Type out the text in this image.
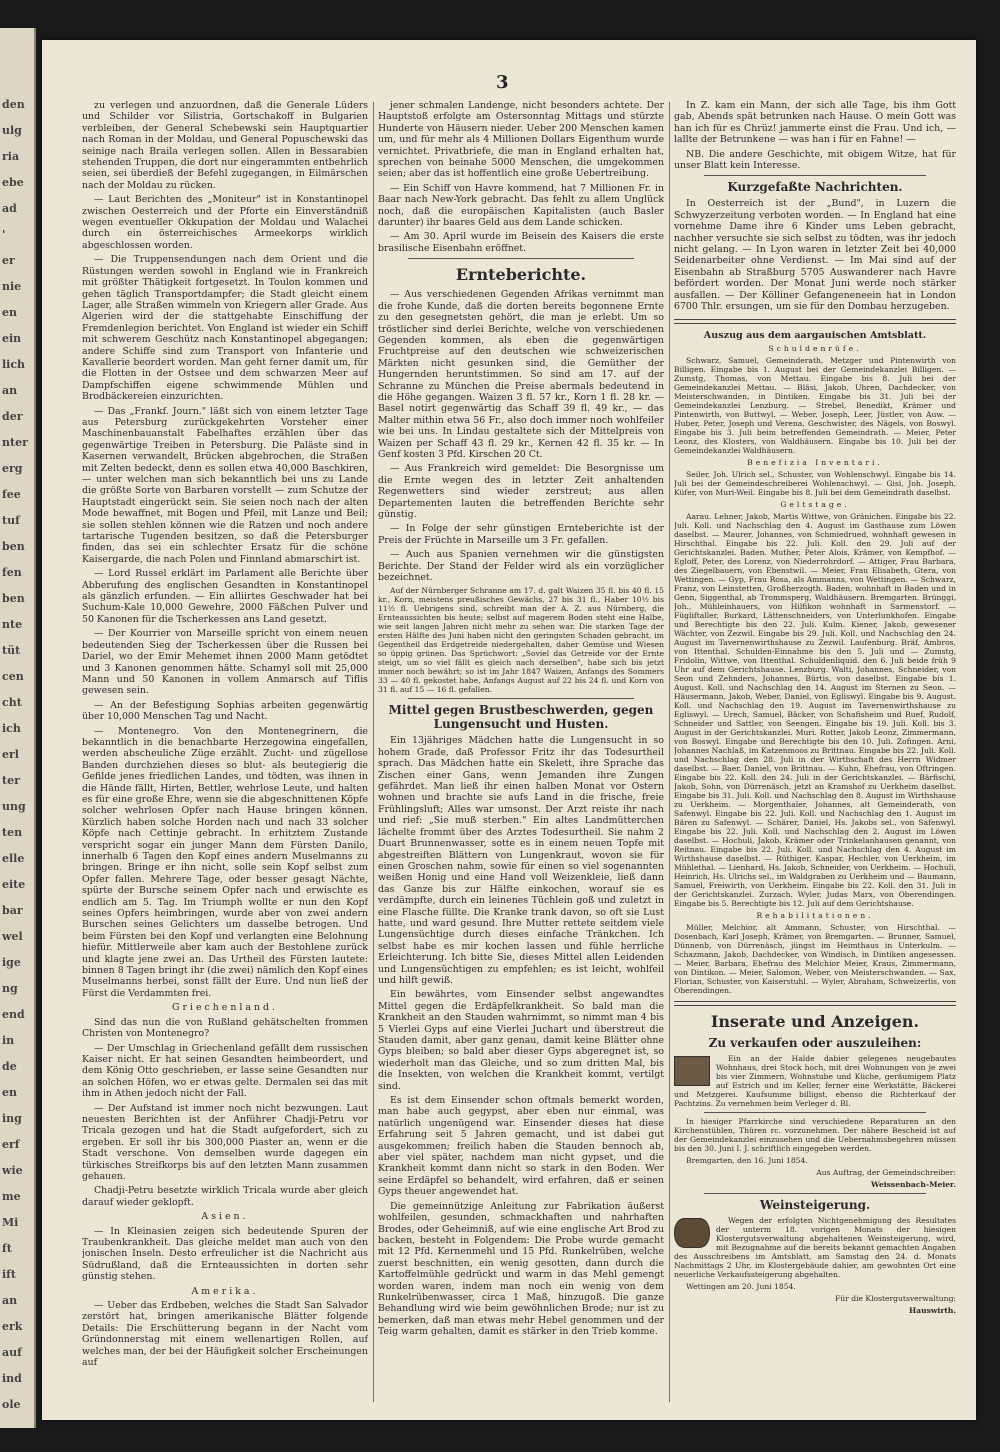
den
ulg
ria
ebe
ad
'
er
nie
en
ein
lich
an
der
nter
erg
fee
tuf
ben
fen
ben
nte
tüt
cen
cht
ich
erl
ter
ung
ten
elle
eite
bar
wel
ige
ng
end
in
de
en
ing
erf
wie
me
Mi
ft
ift
an
erk
auf
ind
ole
3

zu verlegen und anzuordnen, daß die Generale Lüders und Schilder vor Silistria, Gortschakoff in Bulgarien verbleiben, der General Schebewski sein Hauptquartier nach Roman in der Moldau, und General Popuschewski das seinige nach Braila verlegen sollen. Allen in Bessarabien stehenden Truppen, die dort nur eingerammten entbehrlich seien, sei überdieß der Befehl zugegangen, in Eilmärschen nach der Moldau zu rücken.

— Laut Berichten des „Moniteur" ist in Konstantinopel zwischen Oesterreich und der Pforte ein Einverständniß wegen eventueller Okkupation der Moldau und Walachei durch ein österreichisches Armeekorps wirklich abgeschlossen worden.

— Die Truppensendungen nach dem Orient und die Rüstungen werden sowohl in England wie in Frankreich mit größter Thätigkeit fortgesetzt. In Toulon kommen und gehen täglich Transportdampfer; die Stadt gleicht einem Lager, alle Straßen wimmeln von Kriegern aller Grade. Aus Algerien wird der die stattgehabte Einschiffung der Fremdenlegion berichtet. Von England ist wieder ein Schiff mit schwerem Geschütz nach Konstantinopel abgegangen; andere Schiffe sind zum Transport von Infanterie und Kavallerie beordert worden. Man geht ferner damit um, für die Flotten in der Ostsee und dem schwarzen Meer auf Dampfschiffen eigene schwimmende Mühlen und Brodbäckereien einzurichten.

— Das „Frankf. Journ." läßt sich von einem letzter Tage aus Petersburg zurückgekehrten Vorsteher einer Maschinenbauanstalt Fabelhaftes erzählen über das gegenwärtige Treiben in Petersburg. Die Paläste sind in Kasernen verwandelt, Brücken abgebrochen, die Straßen mit Zelten bedeckt, denn es sollen etwa 40,000 Baschkiren, — unter welchen man sich bekanntlich bei uns zu Lande die größte Sorte von Barbaren vorstellt — zum Schutze der Hauptstadt eingerückt sein. Sie seien noch nach der alten Mode bewaffnet, mit Bogen und Pfeil, mit Lanze und Beil; sie sollen stehlen können wie die Ratzen und noch andere tartarische Tugenden besitzen, so daß die Petersburger finden, das sei ein schlechter Ersatz für die schöne Kaisergarde, die nach Polen und Finnland abmarschirt ist.

— Lord Russel erklärt im Parlament alle Berichte über Abberufung des englischen Gesandten in Konstantinopel als gänzlich erfunden. — Ein alliirtes Geschwader hat bei Suchum-Kale 10,000 Gewehre, 2000 Fäßchen Pulver und 50 Kanonen für die Tscherkessen ans Land gesetzt.

— Der Kourrier von Marseille spricht von einem neuen bedeutenden Sieg der Tscherkessen über die Russen bei Dariel, wo der Emir Mehemet ihnen 2000 Mann getödtet und 3 Kanonen genommen hätte. Schamyl soll mit 25,000 Mann und 50 Kanonen in vollem Anmarsch auf Tiflis gewesen sein.

— An der Befestigung Sophias arbeiten gegenwärtig über 10,000 Menschen Tag und Nacht.

— Montenegro. Von den Montenegrinern, die bekanntlich in die benachbarte Herzegowina eingefallen, werden abscheuliche Züge erzählt. Zucht- und zügellose Banden durchziehen dieses so blut- als beutegierig die Gefilde jenes friedlichen Landes, und tödten, was ihnen in die Hände fällt, Hirten, Bettler, wehrlose Leute, und halten es für eine große Ehre, wenn sie die abgeschnittenen Köpfe solcher wehrlosen Opfer nach Hause bringen können. Kürzlich haben solche Horden nach und nach 33 solcher Köpfe nach Cettinje gebracht. In erhitztem Zustande verspricht sogar ein junger Mann dem Fürsten Danilo, innerhalb 6 Tagen den Kopf eines andern Muselmanns zu bringen. Bringe er ihn nicht, solle sein Kopf selbst zum Opfer fallen. Mehrere Tage, oder besser gesagt Nächte, spürte der Bursche seinem Opfer nach und erwischte es endlich am 5. Tag. Im Triumph wollte er nun den Kopf seines Opfers heimbringen, wurde aber von zwei andern Burschen seines Gelichters um dasselbe betrogen. Und beim Fürsten bei den Kopf und verlangten eine Belohnung hiefür. Mittlerweile aber kam auch der Bestohlene zurück und klagte jene zwei an. Das Urtheil des Fürsten lautete: binnen 8 Tagen bringt ihr (die zwei) nämlich den Kopf eines Muselmanns herbei, sonst fällt der Eure. Und nun ließ der Fürst die Verdammten frei.

Griechenland.

Sind das nun die von Rußland gehätschelten frommen Christen von Montenegro?

— Der Umschlag in Griechenland gefällt dem russischen Kaiser nicht. Er hat seinen Gesandten heimbeordert, und dem König Otto geschrieben, er lasse seine Gesandten nur an solchen Höfen, wo er etwas gelte. Dermalen sei das mit ihm in Athen jedoch nicht der Fall.

— Der Aufstand ist immer noch nicht bezwungen. Laut neuesten Berichten ist der Anführer Chadji-Petru vor Tricala gezogen und hat die Stadt aufgefordert, sich zu ergeben. Er soll ihr bis 300,000 Piaster an, wenn er die Stadt verschone. Von demselben wurde dagegen ein türkisches Streifkorps bis auf den letzten Mann zusammen gehauen.

Chadji-Petru besetzte wirklich Tricala wurde aber gleich darauf wieder geklopft.

Asien.

— In Kleinasien zeigen sich bedeutende Spuren der Traubenkrankheit. Das gleiche meldet man auch von den jonischen Inseln. Desto erfreulicher ist die Nachricht aus Südrußland, daß die Ernteaussichten in dorten sehr günstig stehen.

Amerika.

— Ueber das Erdbeben, welches die Stadt San Salvador zerstört hat, bringen amerikanische Blätter folgende Details: Die Erschütterung begann in der Nacht vom Gründonnerstag mit einem wellenartigen Rollen, auf welches man, der bei der Häufigkeit solcher Erscheinungen auf

jener schmalen Landenge, nicht besonders achtete. Der Hauptstoß erfolgte am Ostersonntag Mittags und stürzte Hunderte von Häusern nieder. Ueber 200 Menschen kamen um, und für mehr als 4 Millionen Dollars Eigenthum wurde vernichtet. Privatbriefe, die man in England erhalten hat, sprechen von beinahe 5000 Menschen, die umgekommen seien; aber das ist hoffentlich eine große Uebertreibung.

— Ein Schiff von Havre kommend, hat 7 Millionen Fr. in Baar nach New-York gebracht. Das fehlt zu allem Unglück noch, daß die europäischen Kapitalisten (auch Basler darunter) ihr baares Geld aus dem Lande schicken.

— Am 30. April wurde im Beisein des Kaisers die erste brasilische Eisenbahn eröffnet.

Ernteberichte.

— Aus verschiedenen Gegenden Afrikas vernimmt man die frohe Kunde, daß die dorten bereits begonnene Ernte zu den gesegnetsten gehört, die man je erlebt. Um so tröstlicher sind derlei Berichte, welche von verschiedenen Gegenden kommen, als eben die gegenwärtigen Fruchtpreise auf den deutschen wie schweizerischen Märkten nicht gesunken sind, die Gemüther der Hungernden heruntstimmen. So sind am 17. auf der Schranne zu München die Preise abermals bedeutend in die Höhe gegangen. Waizen 3 fl. 57 kr., Korn 1 fl. 28 kr. — Basel notirt gegenwärtig das Schaff 39 fl. 49 kr., — das Malter mithin etwa 56 Fr., also doch immer noch wohlfeiler wie bei uns. In Lindau gestaltete sich der Mittelpreis von Waizen per Schaff 43 fl. 29 kr., Kernen 42 fl. 35 kr. — In Genf kosten 3 Pfd. Kirschen 20 Ct.

— Aus Frankreich wird gemeldet: Die Besorgnisse um die Ernte wegen des in letzter Zeit anhaltenden Regenwetters sind wieder zerstreut; aus allen Departementen lauten die betreffenden Berichte sehr günstig.

— In Folge der sehr günstigen Ernteberichte ist der Preis der Früchte in Marseille um 3 Fr. gefallen.

— Auch aus Spanien vernehmen wir die günstigsten Berichte. Der Stand der Felder wird als ein vorzüglicher bezeichnet.

Auf der Nürnberger Schranne am 17. d. galt Waizen 35 fl. bis 40 fl. 15 kr., Korn, meistens preußisches Gewächs, 27 bis 31 fl., Haber 10½ bis 11½ fl. Uebrigens sind, schreibt man der A. Z. aus Nürnberg, die Ernteaussichten bis heute; selbst auf magerem Boden steht eine Halbe, wie seit langen Jahren nicht mehr zu sehen war. Die starken Tage der ersten Hälfte des Juni haben nicht den geringsten Schaden gebracht, im Gegentheil das Erdgetreide niedergehalten, daher Gemüse und Wiesen so üppig grünen. Das Sprüchwort: „Soviel das Getreide vor der Ernte steigt, um so viel fällt es gleich nach derselben", habe sich bis jetzt immer noch bewährt; so ist im Jahr 1847 Waizen, Anfangs des Sommers 33 — 40 fl. gekostet habe, Anfangs August auf 22 bis 24 fl. und Korn von 31 fl. auf 15 — 16 fl. gefallen.

Mittel gegen Brustbeschwerden, gegen Lungensucht und Husten.

Ein 13jähriges Mädchen hatte die Lungensucht in so hohem Grade, daß Professor Fritz ihr das Todesurtheil sprach. Das Mädchen hatte ein Skelett, ihre Sprache das Zischen einer Gans, wenn Jemanden ihre Zungen gefährdet. Man ließ ihr einen halben Monat vor Ostern wohnen und brachte sie aufs Land in die frische, freie Frühlingsluft; Alles war umsonst. Der Arzt reiste ihr nach und rief: „Sie muß sterben." Ein altes Landmütterchen lächelte frommt über des Arztes Todesurtheil. Sie nahm 2 Duart Brunnenwasser, sotte es in einem neuen Topfe mit abgestreiften Blättern von Lungenkraut, wovon sie für einen Groschen nahm, sowie für einen so viel sogenannten weißen Honig und eine Hand voll Weizenkleie, ließ dann das Ganze bis zur Hälfte einkochen, worauf sie es verdämpfte, durch ein leinenes Tüchlein goß und zuletzt in eine Flasche füllte. Die Kranke trank davon, so oft sie Lust hatte, und ward gesund. Ihre Mutter rettete seitdem viele Lungensüchtige durch dieses einfache Tränkchen. Ich selbst habe es mir kochen lassen und fühle herrliche Erleichterung. Ich bitte Sie, dieses Mittel allen Leidenden und Lungensüchtigen zu empfehlen; es ist leicht, wohlfeil und hilft gewiß.

Ein bewährtes, vom Einsender selbst angewandtes Mittel gegen die Erdäpfelkrankheit. So bald man die Krankheit an den Stauden wahrnimmt, so nimmt man 4 bis 5 Vierlei Gyps auf eine Vierlei Juchart und überstreut die Stauden damit, aber ganz genau, damit keine Blätter ohne Gyps bleiben; so bald aber dieser Gyps abgeregnet ist, so wiederholt man das Gleiche, und so zum dritten Mal, bis die Insekten, von welchen die Krankheit kommt, vertilgt sind.

Es ist dem Einsender schon oftmals bemerkt worden, man habe auch gegypst, aber eben nur einmal, was natürlich ungenügend war. Einsender dieses hat diese Erfahrung seit 5 Jahren gemacht, und ist dabei gut ausgekommen; freilich haben die Stauden bennoch ab, aber viel später, nachdem man nicht gypset, und die Krankheit kommt dann nicht so stark in den Boden. Wer seine Erdäpfel so behandelt, wird erfahren, daß er seinen Gyps theuer angewendet hat.

Die gemeinnützige Anleitung zur Fabrikation äußerst wohlfeilen, gesunden, schmackhaften und nahrhaften Brodes, oder Geheimniß, auf wie eine englische Art Brod zu backen, besteht in Folgendem: Die Probe wurde gemacht mit 12 Pfd. Kernenmehl und 15 Pfd. Runkelrüben, welche zuerst beschnitten, ein wenig gesotten, dann durch die Kartoffelmühle gedrückt und warm in das Mehl gemengt worden waren, indem man noch ein wenig von dem Runkelrübenwasser, circa 1 Maß, hinzugoß. Die ganze Behandlung wird wie beim gewöhnlichen Brode; nur ist zu bemerken, daß man etwas mehr Hebel genommen und der Teig warm gehalten, damit es stärker in den Trieb komme.

In Z. kam ein Mann, der sich alle Tage, bis ihm Gott gab, Abends spät betrunken nach Hause. O mein Gott was han ich für es Chrüz! jammerte einst die Frau. Und ich, — lallte der Betrunkene — was han i für en Fahne! —

NB. Die andere Geschichte, mit obigem Witze, hat für unser Blatt kein Interesse.

Kurzgefaßte Nachrichten.

In Oesterreich ist der „Bund", in Luzern die Schwyzerzeitung verboten worden. — In England hat eine vornehme Dame ihre 6 Kinder ums Leben gebracht, nachher versuchte sie sich selbst zu tödten, was ihr jedoch nicht gelang. — In Lyon waren in letzter Zeit bei 40,000 Seidenarbeiter ohne Verdienst. — Im Mai sind auf der Eisenbahn ab Straßburg 5705 Auswanderer nach Havre befördert worden. Der Monat Juni werde noch stärker ausfallen. — Der Kölliner Gefangeneneein hat in London 6700 Thlr. ersungen, um sie für den Dombau herzugeben.

Auszug aus dem aargauischen Amtsblatt.

Schuldenrüfe.

Schwarz, Samuel, Gemeinderath, Metzger und Pintenwirth von Billigen. Eingabe bis 1. August bei der Gemeindekanzlei Billigen. — Zumstg, Thomas, von Mettau. Eingabe bis 8. Juli bei der Gemeindekanzlei Mettau. — Bläsi, Jakob, Uhren, Dachdecker, von Meisterschwanden, in Dintiken. Eingabe bis 31. Juli bei der Gemeindekanzlei Lenzburg. — Strebel, Benedikt, Krämer und Pintenwirth, von Buttwyl. — Weber, Joseph, Leer, Jüstler, von Auw. — Huber, Peter, Joseph und Verena, Geschwister, des Nägels, von Boswyl. Eingabe bis 3. Juli beim betreffenden Gemeindrath. — Meier, Peter Leonz, des Klosters, von Waldhäusern. Eingabe bis 10. Juli bei der Gemeindekanzlei Waldhäusern.

Benefizia Inventari.

Seiler, Joh. Ulrich sel., Schuster, von Wohlenschwyl. Eingabe bis 14. Juli bei der Gemeindeschreiberei Wohlenschwyl. — Gisi, Joh. Joseph, Küfer, von Muri-Weil. Eingabe bis 8. Juli bei dem Gemeindrath daselbst.

Geltstage.

Aarau. Lehner, Jakob, Martis Wittwe, von Gränichen. Eingabe bis 22. Juli. Koll. und Nachschlag den 4. August im Gasthause zum Löwen daselbst. — Maurer, Johannes, von Schmiedrued, wohnhaft gewesen in Hirschthal. Eingabe bis 22. Juli. Koll. den 29. Juli auf der Gerichtskanzlei. Baden. Muther, Peter Alois, Krämer, von Kempfhof. — Egloff, Peter, des Lorenz, von Niederrohrdorf. — Attiger, Frau Barbara, des Ziegelbauern, von Ebenstwil. — Meier, Frau Elisabeth, Gtera, von Wettingen. — Gyp, Frau Rosa, als Ammanns, von Wettingen. — Schwarz, Franz, von Leinstetten, Großherzogth. Baden, wohnhaft in Baden und in Genn, Siggenthal, ab Trommsperg, Waldhäusern. Bremgarten. Brünggi, Joh., Mühleinhauers, von Hilfikon wohnhaft in Sarmenstorf. — Fügliftaller, Burkard, Lättenschneiders, von Unterlunkhofen. Eingabe und Berechtigte bis den 22. Juli. Kulm. Kiener, Jakob, gewesener Wächter, von Zezwil. Eingabe bis 29. Juli. Koll. und Nachschlag den 24. August im Tavernenwirthshause zu Zezwil. Laufenburg. Bräf, Ambros, von Ittenthal. Schulden-Einnahme bis den 5. Juli und — Zumstg, Fridolin, Wittwe, von Ittenthal. Schuldenliquid. den 6. Juli beide früh 9 Uhr auf dem Gerichtshause. Lenzburg. Walti, Johannes, Schneider, von Seon und Zehnders, Johannes, Bürtis, von daselbst. Eingabe bis 1. August. Koll. und Nachschlag den 14. August im Sternen zu Seon. — Häusermann, Jakob, Weber, Daniel, von Egliswyl. Eingabe bis 9. August. Koll. und Nachschlag den 19. August im Tavernenwirthshause zu Egliswyl. — Urech, Samuel, Bäcker, von Schafisheim und Ruef, Rudolf, Schneider und Sattler, von Seengen. Eingabe bis 19. Juli. Koll. bis 3. August in der Gerichtskanzlei. Muri. Rotter, Jakob Leonz, Zimmermann, von Boswyl. Eingabe und Berechtigte bis den 10. Juli. Zofingen. Arni, Johannes Nachlaß, im Katzenmoos zu Brittnau. Eingabe bis 22. Juli. Koll. und Nachschlag den 28. Juli in der Wirthschaft des Herrn Widmer daselbst. — Baer, Daniel, von Brittnau. — Kuhn, Ehefrau, von Oftringen. Eingabe bis 22. Koll. den 24. Juli in der Gerichtskanzlei. — Bärfischi, Jakob, Sohn, von Dürrenäsch, jetzt an Kramshof zu Uerkheim daselbst. Eingabe bis 31. Juli. Koll. und Nachschlag den 8. August im Wirthshause zu Uerkheim. — Morgenthaler, Johannes, alt Gemeinderath, von Safenwyl. Eingabe bis 22. Juli. Koll. und Nachschlag den 1. August im Bären zu Safenwyl. — Schärer, Daniel, Hs. Jakobs sel., von Safenwyl. Eingabe bis 22. Juli. Koll. und Nachschlag den 2. August im Löwen daselbst. — Hochuli, Jakob, Krämer oder Trinkelanhausen genannt, von Reitnau. Eingabe bis 22. Juli. Koll. und Nachschlag den 4. August im Wirthshause daselbst. — Rüthiger, Kaspar, Hechler, von Uerkheim, im Mühlethal. — Lienhard, Hs. Jakob, Schneider, von Uerkheim. — Hochuli, Heinrich, Hs. Ulrichs sel., im Waldgraben zu Uerkheim und — Baumann, Samuel, Freiwirth, von Uerkheim. Eingabe bis 22. Koll. den 31. Juli in der Gerichtskanzlei. Zurzach. Wyler, Judas Marx, von Oberendingen. Eingabe bis 5. Berechtigte bis 12. Juli auf dem Gerichtshause.

Rehabilitationen.

Müller, Melchior, alt Ammann, Schuster, von Hirschthal. — Dosenbach, Karl Joseph, Krämer, von Bremgarten. — Brunner, Samuel, Dünnenb, von Dürrenäsch, jüngst im Heimthaus in Unterkulm. — Schazmann, Jakob, Dachdecker, von Windisch, in Dintiken angesessen. — Meier, Barbara, Ehefrau des Melchior Meier, Kraus, Zimmermann, von Dintikon. — Meier, Salomon, Weber, von Meisterschwanden. — Sax, Florian, Schuster, von Kaiserstuhl. — Wyler, Abraham, Schweizerlis, von Oberendingen.

Inserate und Anzeigen.
Zu verkaufen oder auszuleihen:

Ein an der Halde dabier gelegenes neugebautes Wohnhaus, drei Stock hoch, mit drei Wohnungen von je zwei bis vier Zimmern, Wohnstube und Küche, geräumigem Platz auf Estrich und im Keller, ferner eine Werkstätte, Bäckerei und Metzgerei. Kaufsumme billigst, ebenso die Richterkauf der Pachtzins. Zu vernehmen beim Verleger d. Bl.

In hiesiger Pfarrkirche sind verschiedene Reparaturen an den Kirchenstühlen, Thüren rc. vorzunehmen. Der nähere Bescheid ist auf der Gemeindekanzlei einzusehen und die Uebernahmsbegehren müssen bis den 30. Juni I. J. schriftlich eingegeben werden.

Bremgarten, den 16. Juni 1854.

Aus Auftrag, der Gemeindschreiber:

Weissenbach-Meier.

Weinsteigerung.

Wegen der erfolgten Nichtgenehmigung des Resultates der unterm 18. vorigen Monats der hiesigen Klostergutsverwaltung abgehaltenen Weinsteigerung, wird, mit Bezugnahme auf die bereits bekannt gemachten Angaben des Ausschreibens im Amtsblatt, am Samstag den 24. d. Monats Nachmittags 2 Uhr, im Klostergebäude dahier, am gewohnten Ort eine neuerliche Verkaufssteigerung abgehalten.

Wettingen am 20. Juni 1854.

Für die Klostergutsverwaltung:

Hauswirth.
